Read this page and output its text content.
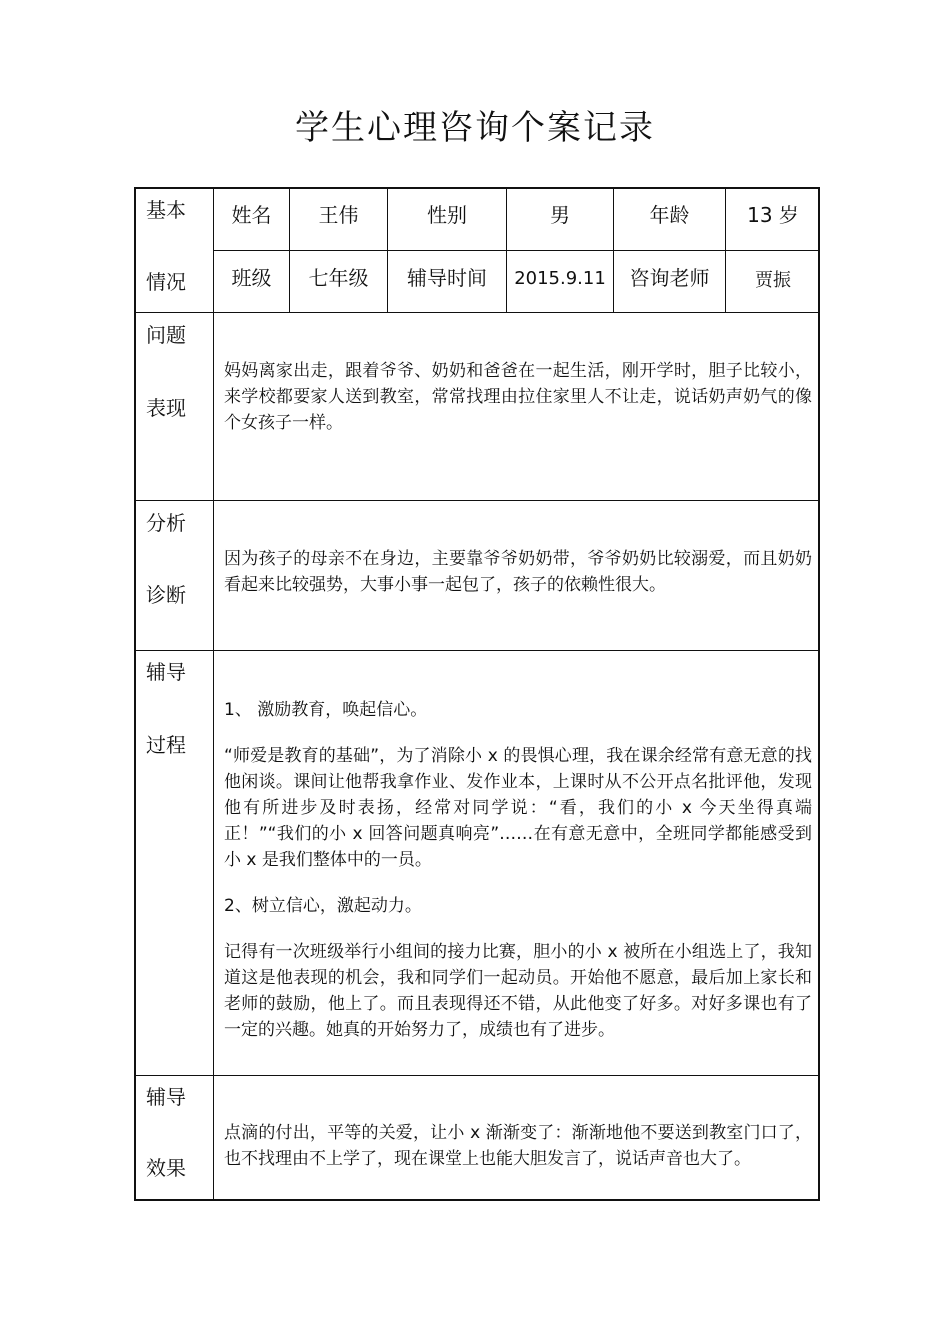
学生心理咨询个案记录
基本
情况
姓名	王伟	性别	男	年龄	13 岁
班级	七年级	辅导时间	2015.9.11	咨询老师	贾振
问题
表现
妈妈离家出走，跟着爷爷、奶奶和爸爸在一起生活，刚开学时，胆子比较小，来学校都要家人送到教室，常常找理由拉住家里人不让走，说话奶声奶气的像个女孩子一样。
分析
诊断
因为孩子的母亲不在身边，主要靠爷爷奶奶带，爷爷奶奶比较溺爱，而且奶奶看起来比较强势，大事小事一起包了，孩子的依赖性很大。
辅导
过程

1、 激励教育，唤起信心。

“师爱是教育的基础”，为了消除小 x 的畏惧心理，我在课余经常有意无意的找他闲谈。课间让他帮我拿作业、发作业本，上课时从不公开点名批评他，发现他有所进步及时表扬，经常对同学说：“看，我们的小 x 今天坐得真端正！”“我们的小 x 回答问题真响亮”……在有意无意中，全班同学都能感受到小 x 是我们整体中的一员。

2、树立信心，激起动力。

记得有一次班级举行小组间的接力比赛，胆小的小 x 被所在小组选上了，我知道这是他表现的机会，我和同学们一起动员。开始他不愿意，最后加上家长和老师的鼓励，他上了。而且表现得还不错，从此他变了好多。对好多课也有了一定的兴趣。她真的开始努力了，成绩也有了进步。

辅导
效果
点滴的付出，平等的关爱，让小 x 渐渐变了：渐渐地他不要送到教室门口了，也不找理由不上学了，现在课堂上也能大胆发言了，说话声音也大了。
